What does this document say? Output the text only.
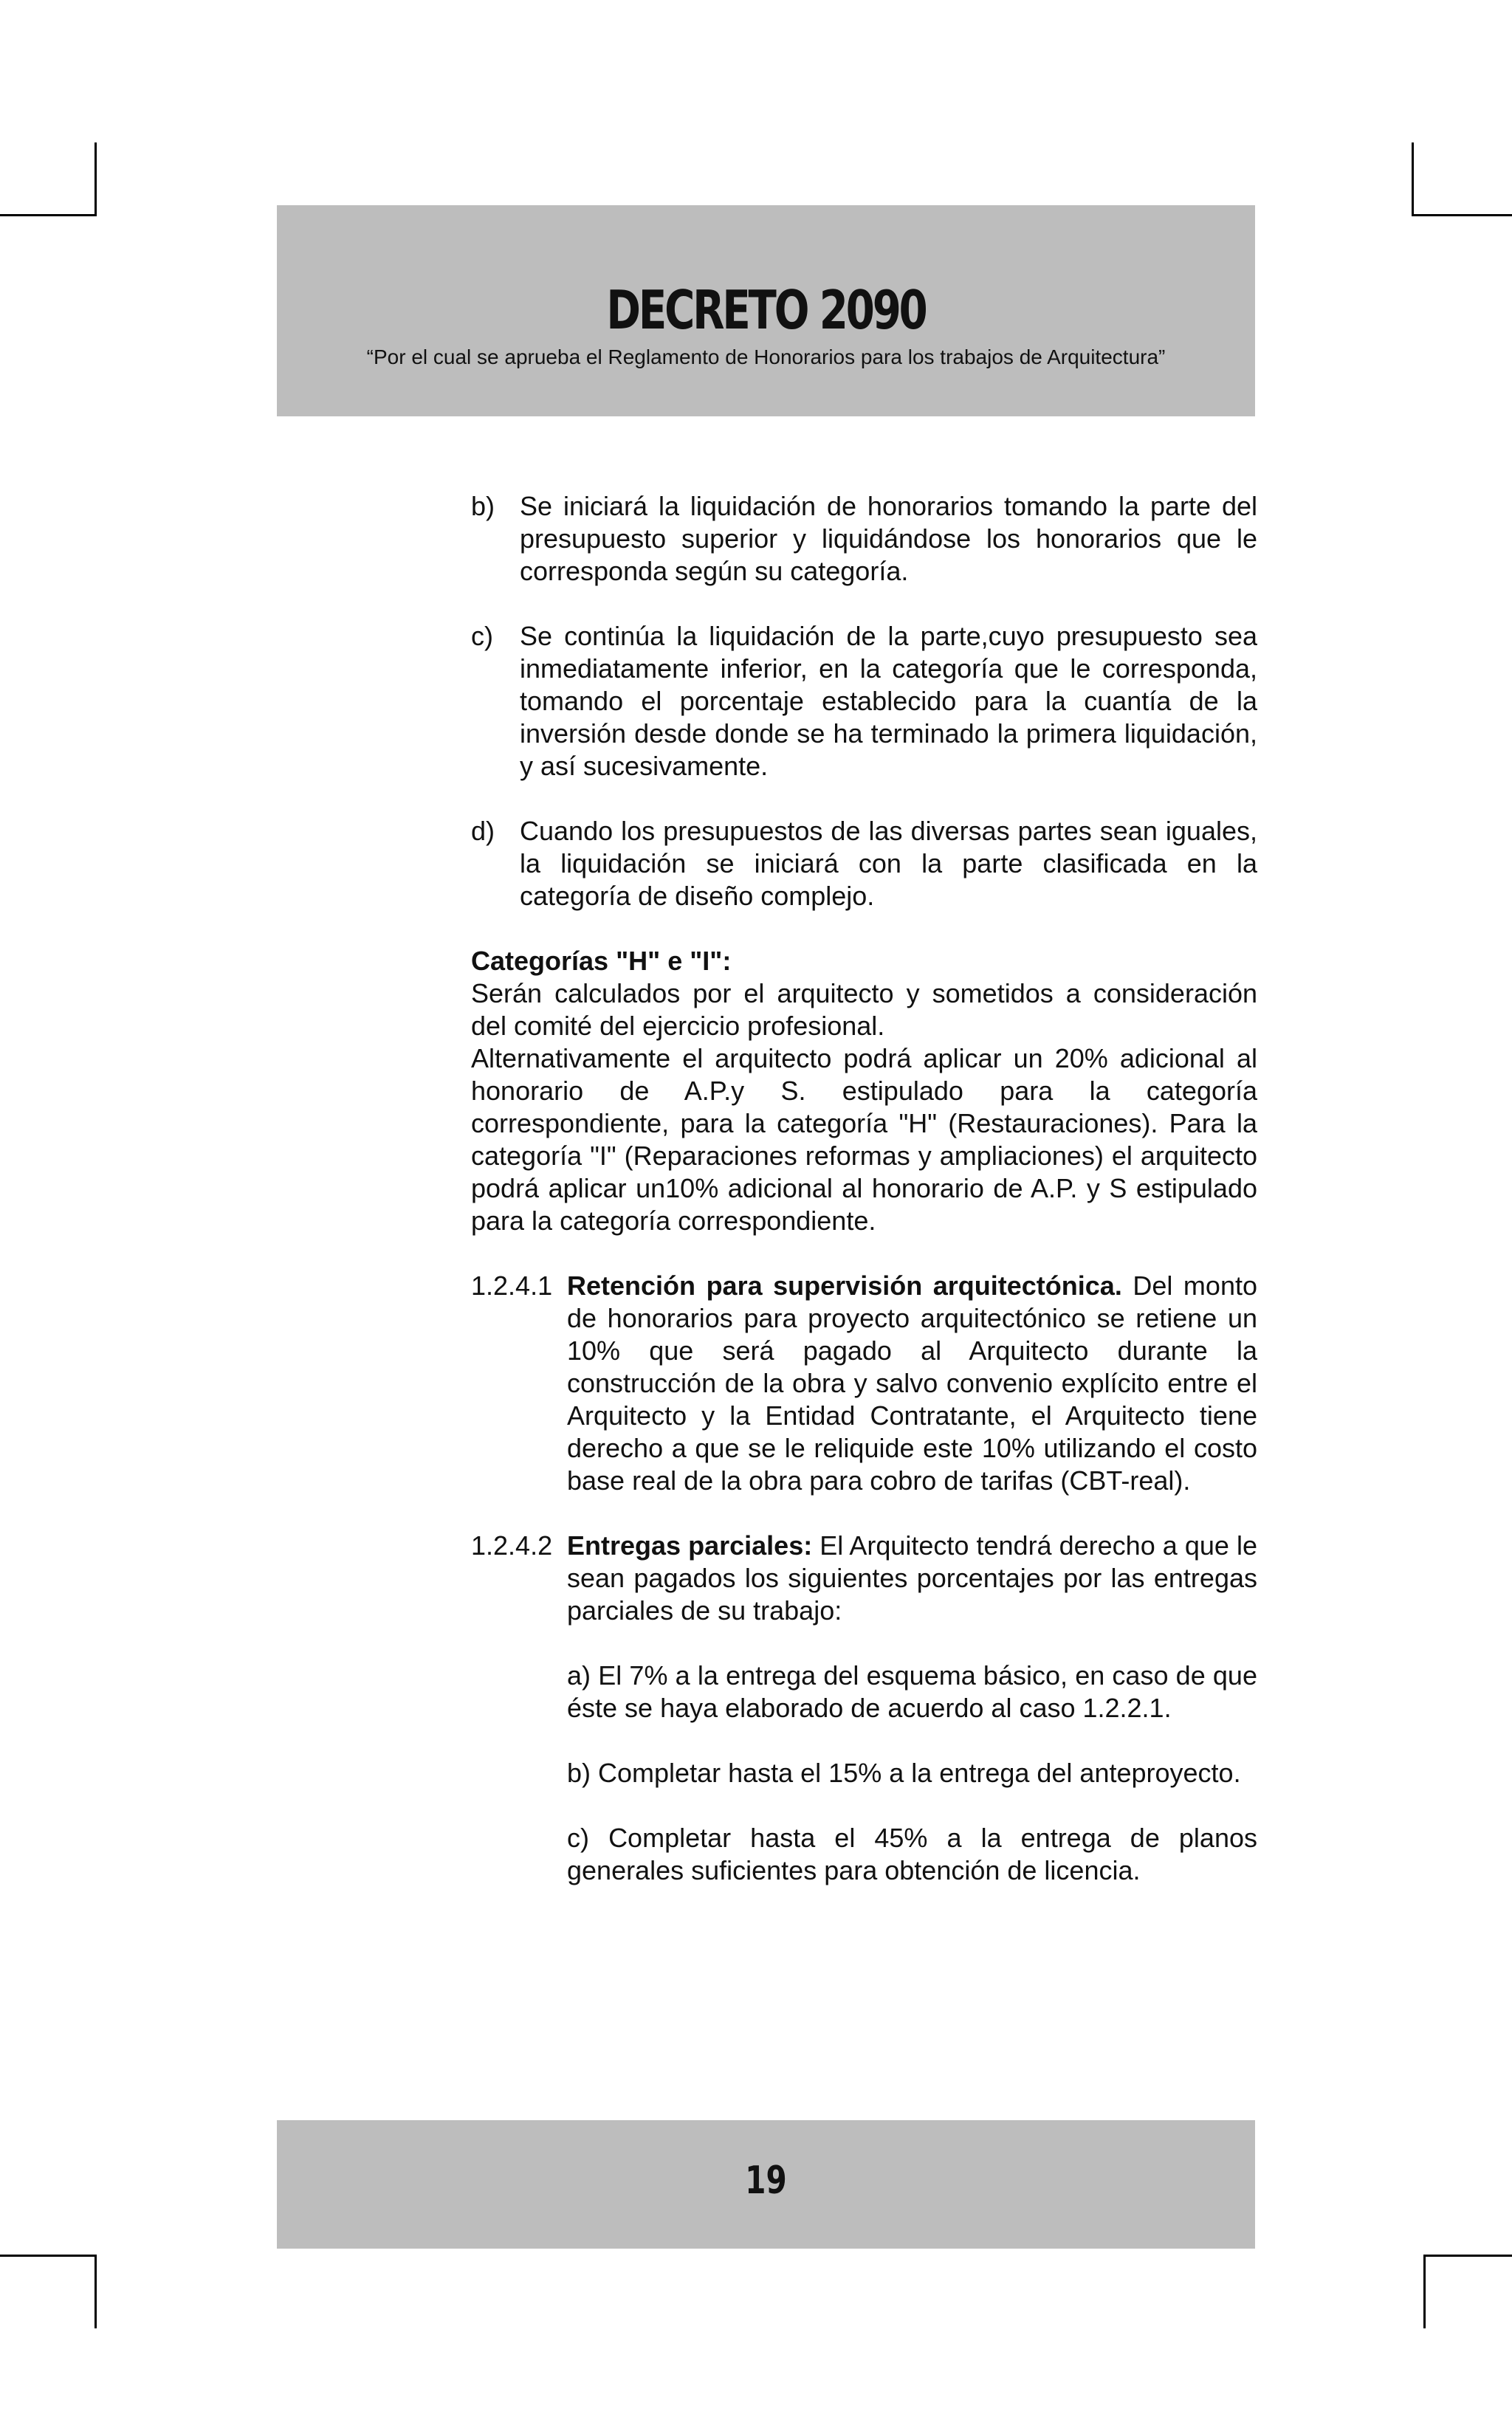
DECRETO 2090
“Por el cual se aprueba el Reglamento de Honorarios para los trabajos de Arquitectura”
b) Se iniciará la liquidación de honorarios tomando la parte del presupuesto superior y liquidándose los honorarios que le corresponda según su categoría.
c) Se continúa la liquidación de la parte,cuyo presupuesto sea inmediatamente inferior, en la categoría que le corresponda, tomando el porcentaje establecido para la cuantía de la inversión desde donde se ha terminado la primera liquidación, y así sucesivamente.
d) Cuando los presupuestos de las diversas partes sean iguales, la liquidación se iniciará con la parte clasificada en la categoría de diseño complejo.
Categorías "H" e "I":
Serán calculados por el arquitecto y sometidos a consideración del comité del ejercicio profesional.
Alternativamente el arquitecto podrá aplicar un 20% adicional al honorario de A.P.y S. estipulado para la categoría correspondiente, para la categoría "H" (Restauraciones). Para la categoría "I" (Reparaciones reformas y ampliaciones) el arquitecto podrá aplicar un10% adicional al honorario de A.P. y S estipulado para la categoría correspondiente.
1.2.4.1 Retención para supervisión arquitectónica. Del monto de honorarios para proyecto arquitectónico se retiene un 10% que será pagado al Arquitecto durante la construcción de la obra y salvo convenio explícito entre el Arquitecto y la Entidad Contratante, el Arquitecto tiene derecho a que se le reliquide este 10% utilizando el costo base real de la obra para cobro de tarifas (CBT-real).
1.2.4.2 Entregas parciales: El Arquitecto tendrá derecho a que le sean pagados los siguientes porcentajes por las entregas parciales de su trabajo:
a) El 7% a la entrega del esquema básico, en caso de que éste se haya elaborado de acuerdo al caso 1.2.2.1.
b) Completar hasta el 15% a la entrega del anteproyecto.
c) Completar hasta el 45% a la entrega de planos generales suficientes para obtención de licencia.
19
